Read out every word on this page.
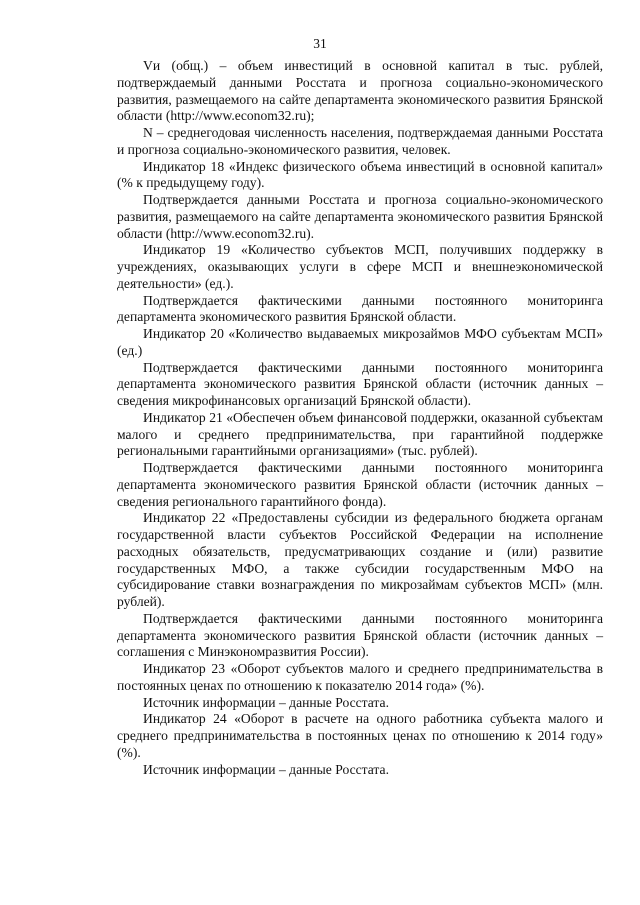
31

Vи (общ.) – объем инвестиций в основной капитал в тыс. рублей, подтверждаемый данными Росстата и прогноза социально-экономического развития, размещаемого на сайте департамента экономического развития Брянской области (http://www.econom32.ru);

N – среднегодовая численность населения, подтверждаемая данными Росстата и прогноза социально-экономического развития, человек.

Индикатор 18 «Индекс физического объема инвестиций в основной капитал» (% к предыдущему году).

Подтверждается данными Росстата и прогноза социально-экономического развития, размещаемого на сайте департамента экономического развития Брянской области (http://www.econom32.ru).

Индикатор 19 «Количество субъектов МСП, получивших поддержку в учреждениях, оказывающих услуги в сфере МСП и внешнеэкономической деятельности» (ед.).

Подтверждается фактическими данными постоянного мониторинга департамента экономического развития Брянской области.

Индикатор 20 «Количество выдаваемых микрозаймов МФО субъектам МСП» (ед.)

Подтверждается фактическими данными постоянного мониторинга департамента экономического развития Брянской области (источник данных – сведения микрофинансовых организаций Брянской области).

Индикатор 21 «Обеспечен объем финансовой поддержки, оказанной субъектам малого и среднего предпринимательства, при гарантийной поддержке региональными гарантийными организациями» (тыс. рублей).

Подтверждается фактическими данными постоянного мониторинга департамента экономического развития Брянской области (источник данных – сведения регионального гарантийного фонда).

Индикатор 22 «Предоставлены субсидии из федерального бюджета органам государственной власти субъектов Российской Федерации на исполнение расходных обязательств, предусматривающих создание и (или) развитие государственных МФО, а также субсидии государственным МФО на субсидирование ставки вознаграждения по микрозаймам субъектов МСП» (млн. рублей).

Подтверждается фактическими данными постоянного мониторинга департамента экономического развития Брянской области (источник данных – соглашения с Минэкономразвития России).

Индикатор 23 «Оборот субъектов малого и среднего предпринимательства в постоянных ценах по отношению к показателю 2014 года» (%).

Источник информации – данные Росстата.

Индикатор 24 «Оборот в расчете на одного работника субъекта малого и среднего предпринимательства в постоянных ценах по отношению к 2014 году» (%).

Источник информации – данные Росстата.
